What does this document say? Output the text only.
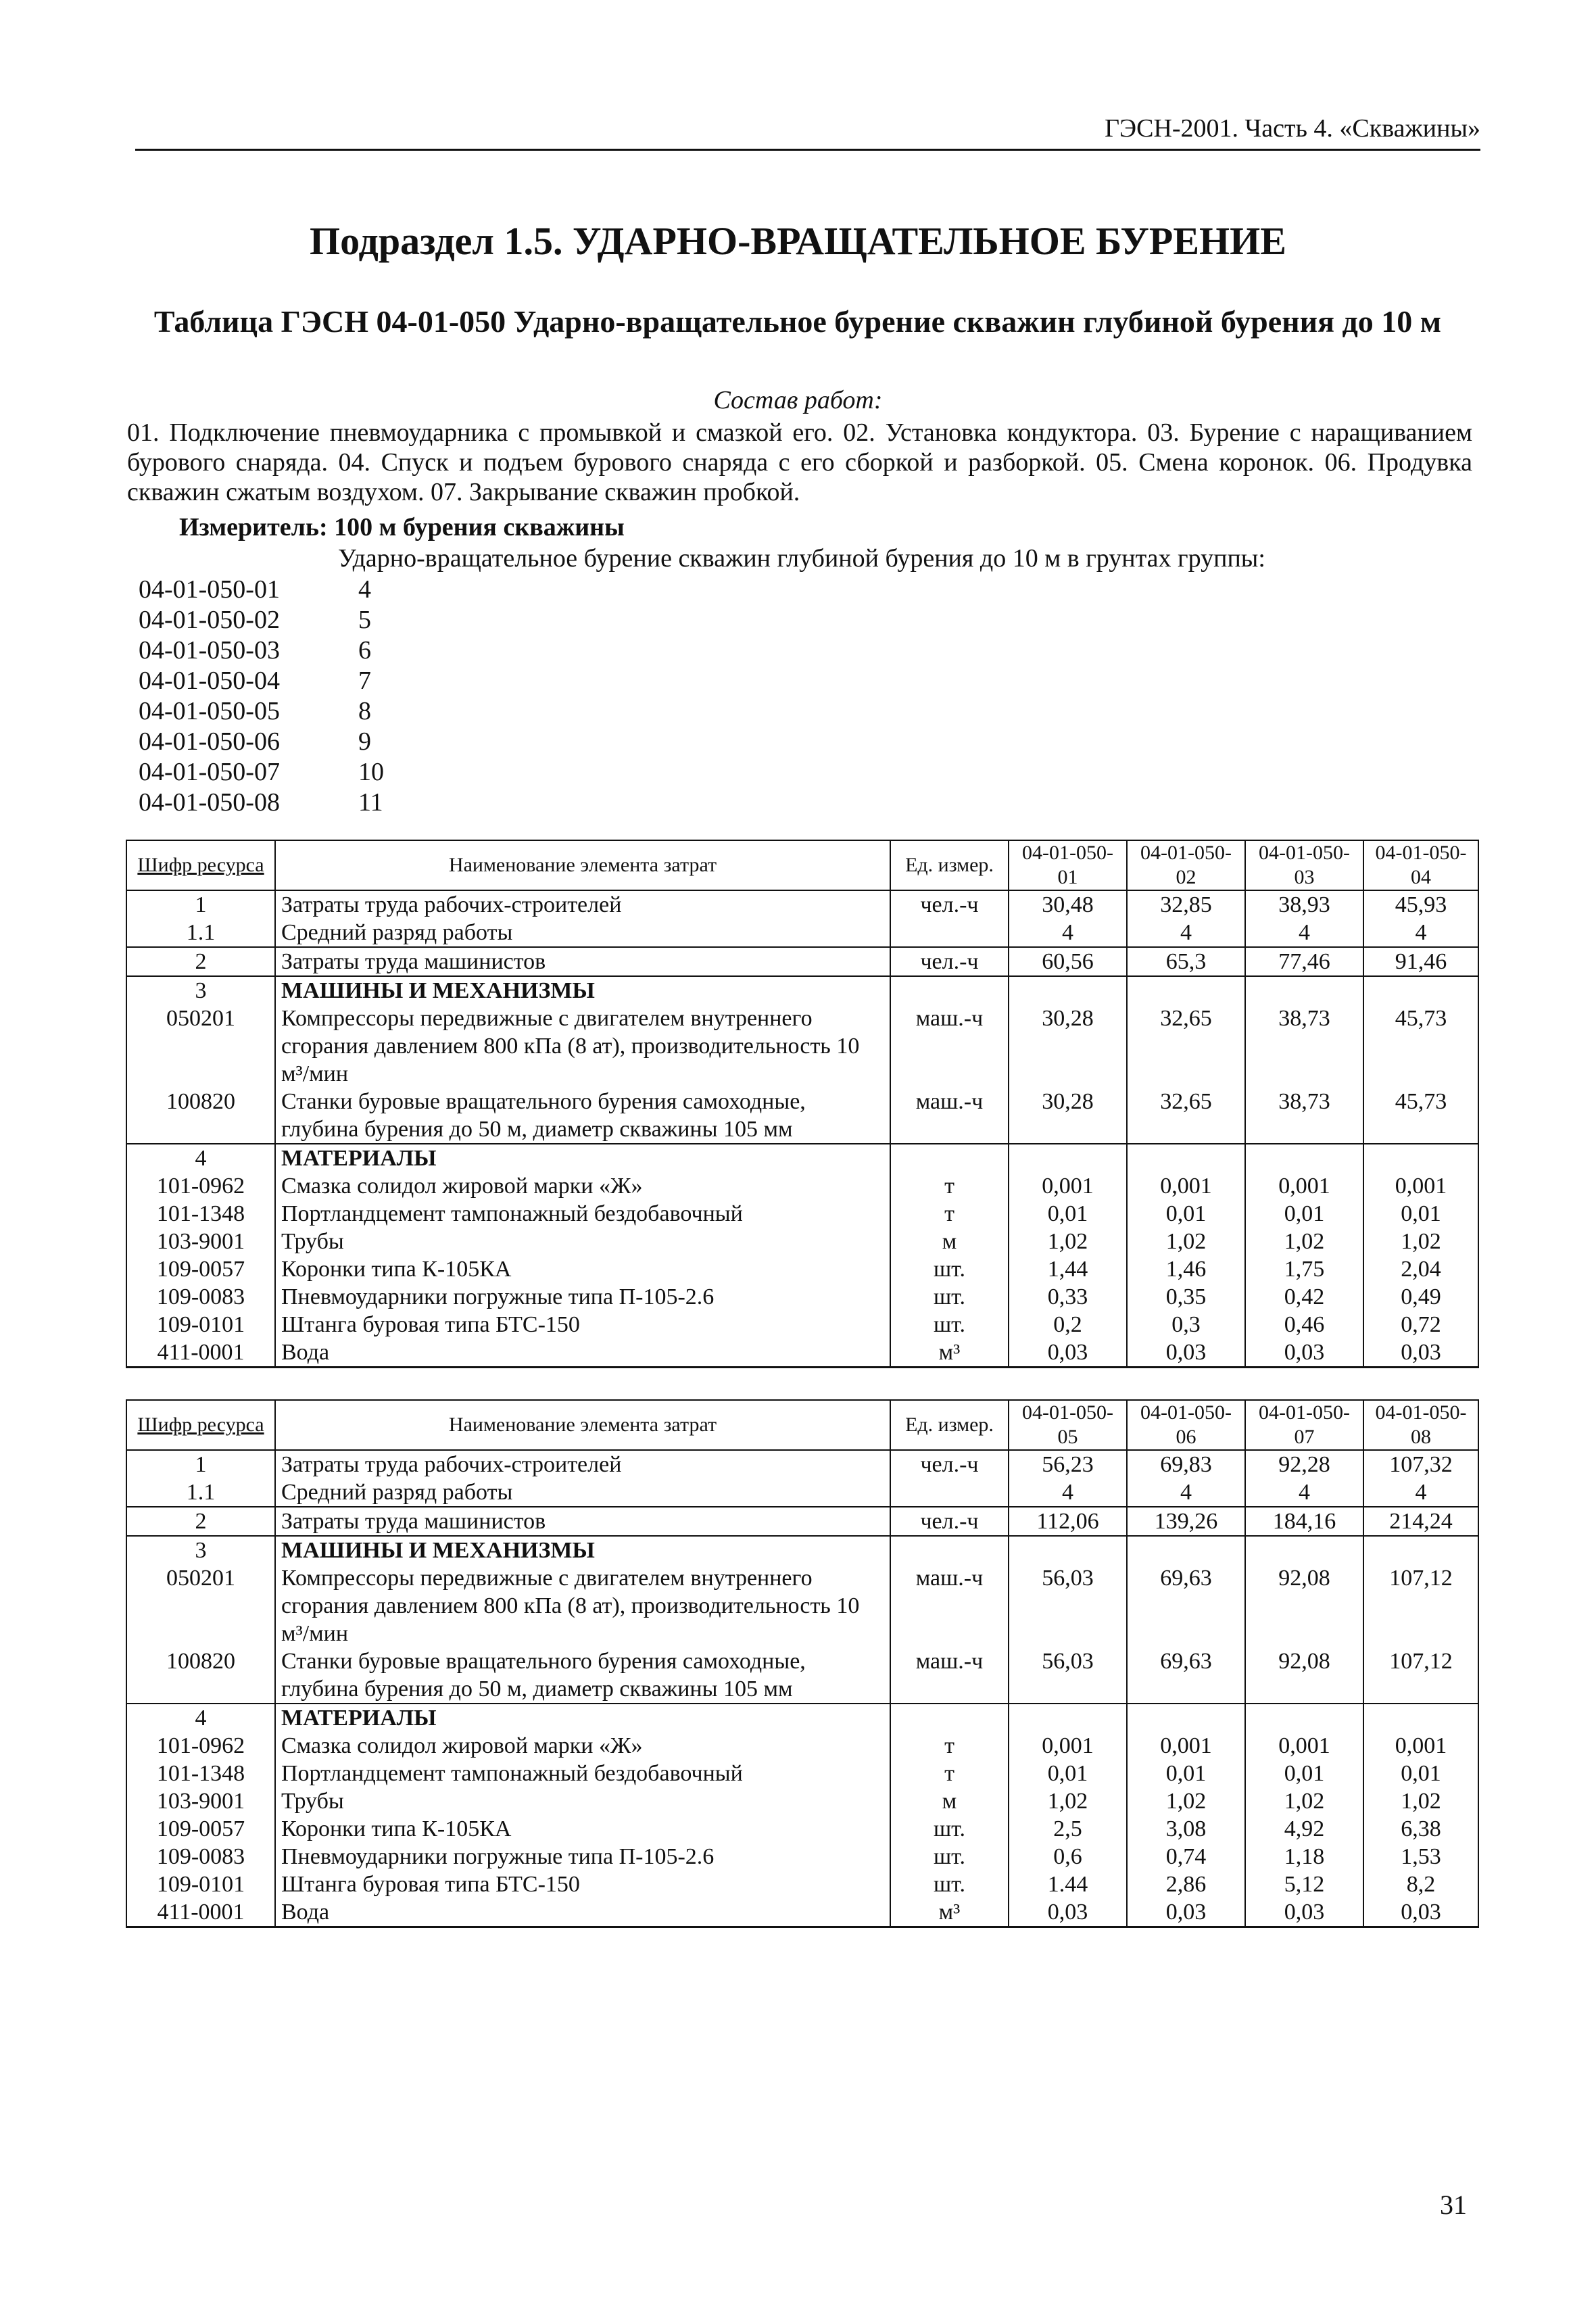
ГЭСН-2001. Часть 4. «Скважины»
Подраздел 1.5. УДАРНО-ВРАЩАТЕЛЬНОЕ БУРЕНИЕ
Таблица ГЭСН 04-01-050 Ударно-вращательное бурение скважин глубиной бурения до 10 м
Состав работ:
01. Подключение пневмоударника с промывкой и смазкой его. 02. Установка кондуктора. 03. Бурение с наращиванием бурового снаряда. 04. Спуск и подъем бурового снаряда с его сборкой и разборкой. 05. Смена коронок. 06. Продувка скважин сжатым воздухом. 07. Закрывание скважин пробкой.
Измеритель: 100 м бурения скважины
Ударно-вращательное бурение скважин глубиной бурения до 10 м в грунтах группы:
04-01-050-01	4
04-01-050-02	5
04-01-050-03	6
04-01-050-04	7
04-01-050-05	8
04-01-050-06	9
04-01-050-07	10
04-01-050-08	11
Шифр ресурса	Наименование элемента затрат	Ед. измер.	04-01-050-01	04-01-050-02	04-01-050-03	04-01-050-04
1	Затраты труда рабочих-строителей	чел.-ч	30,48	32,85	38,93	45,93
1.1	Средний разряд работы		4	4	4	4
2	Затраты труда машинистов	чел.-ч	60,56	65,3	77,46	91,46
3	МАШИНЫ И МЕХАНИЗМЫ					
050201	Компрессоры передвижные с двигателем внутреннего сгорания давлением 800 кПа (8 ат), производительность 10 м³/мин	маш.-ч	30,28	32,65	38,73	45,73
100820	Станки буровые вращательного бурения самоходные, глубина бурения до 50 м, диаметр скважины 105 мм	маш.-ч	30,28	32,65	38,73	45,73
4	МАТЕРИАЛЫ					
101-0962	Смазка солидол жировой марки «Ж»	т	0,001	0,001	0,001	0,001
101-1348	Портландцемент тампонажный бездобавочный	т	0,01	0,01	0,01	0,01
103-9001	Трубы	м	1,02	1,02	1,02	1,02
109-0057	Коронки типа К-105КА	шт.	1,44	1,46	1,75	2,04
109-0083	Пневмоударники погружные типа П-105-2.6	шт.	0,33	0,35	0,42	0,49
109-0101	Штанга буровая типа БТС-150	шт.	0,2	0,3	0,46	0,72
411-0001	Вода	м³	0,03	0,03	0,03	0,03
Шифр ресурса	Наименование элемента затрат	Ед. измер.	04-01-050-05	04-01-050-06	04-01-050-07	04-01-050-08
1	Затраты труда рабочих-строителей	чел.-ч	56,23	69,83	92,28	107,32
1.1	Средний разряд работы		4	4	4	4
2	Затраты труда машинистов	чел.-ч	112,06	139,26	184,16	214,24
3	МАШИНЫ И МЕХАНИЗМЫ					
050201	Компрессоры передвижные с двигателем внутреннего сгорания давлением 800 кПа (8 ат), производительность 10 м³/мин	маш.-ч	56,03	69,63	92,08	107,12
100820	Станки буровые вращательного бурения самоходные, глубина бурения до 50 м, диаметр скважины 105 мм	маш.-ч	56,03	69,63	92,08	107,12
4	МАТЕРИАЛЫ					
101-0962	Смазка солидол жировой марки «Ж»	т	0,001	0,001	0,001	0,001
101-1348	Портландцемент тампонажный бездобавочный	т	0,01	0,01	0,01	0,01
103-9001	Трубы	м	1,02	1,02	1,02	1,02
109-0057	Коронки типа К-105КА	шт.	2,5	3,08	4,92	6,38
109-0083	Пневмоударники погружные типа П-105-2.6	шт.	0,6	0,74	1,18	1,53
109-0101	Штанга буровая типа БТС-150	шт.	1.44	2,86	5,12	8,2
411-0001	Вода	м³	0,03	0,03	0,03	0,03
31
